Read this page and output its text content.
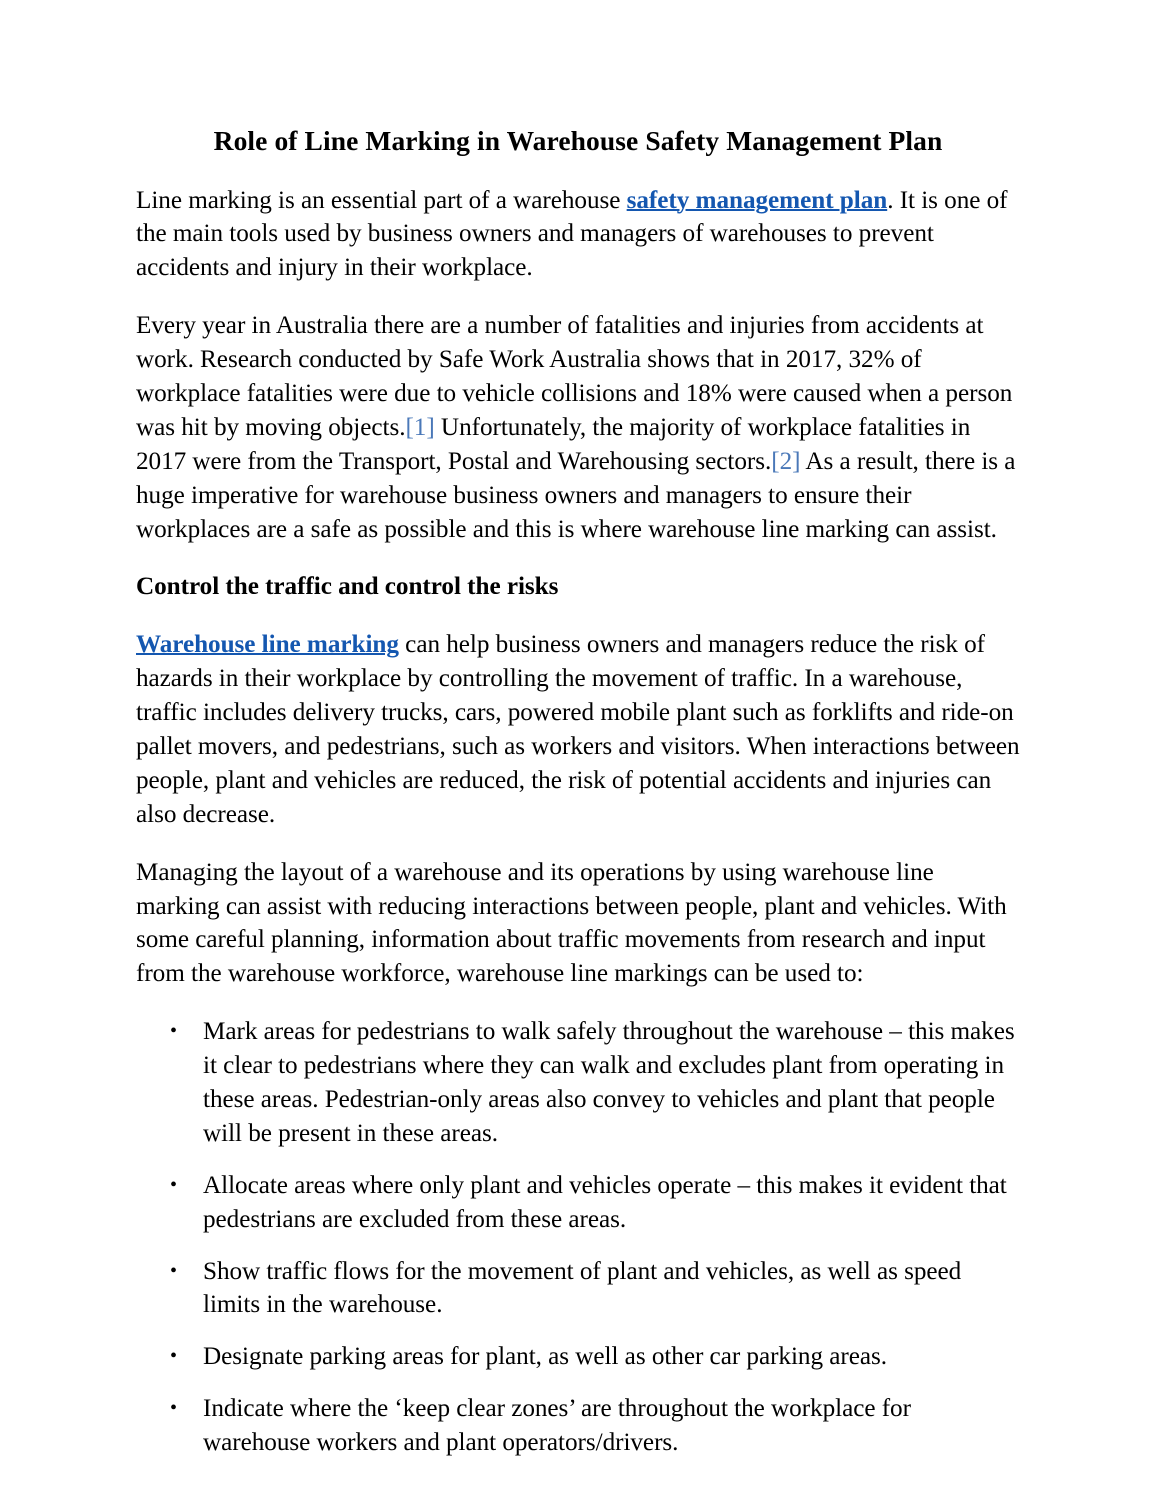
Role of Line Marking in Warehouse Safety Management Plan

Line marking is an essential part of a warehouse safety management plan. It is one of the main tools used by business owners and managers of warehouses to prevent accidents and injury in their workplace.

Every year in Australia there are a number of fatalities and injuries from accidents at work. Research conducted by Safe Work Australia shows that in 2017, 32% of workplace fatalities were due to vehicle collisions and 18% were caused when a person was hit by moving objects.[1] Unfortunately, the majority of workplace fatalities in 2017 were from the Transport, Postal and Warehousing sectors.[2] As a result, there is a huge imperative for warehouse business owners and managers to ensure their workplaces are a safe as possible and this is where warehouse line marking can assist.

Control the traffic and control the risks

Warehouse line marking can help business owners and managers reduce the risk of hazards in their workplace by controlling the movement of traffic. In a warehouse, traffic includes delivery trucks, cars, powered mobile plant such as forklifts and ride-on pallet movers, and pedestrians, such as workers and visitors. When interactions between people, plant and vehicles are reduced, the risk of potential accidents and injuries can also decrease.

Managing the layout of a warehouse and its operations by using warehouse line marking can assist with reducing interactions between people, plant and vehicles. With some careful planning, information about traffic movements from research and input from the warehouse workforce, warehouse line markings can be used to:

• Mark areas for pedestrians to walk safely throughout the warehouse – this makes it clear to pedestrians where they can walk and excludes plant from operating in these areas. Pedestrian-only areas also convey to vehicles and plant that people will be present in these areas.
• Allocate areas where only plant and vehicles operate – this makes it evident that pedestrians are excluded from these areas.
• Show traffic flows for the movement of plant and vehicles, as well as speed limits in the warehouse.
• Designate parking areas for plant, as well as other car parking areas.
• Indicate where the ‘keep clear zones’ are throughout the workplace for warehouse workers and plant operators/drivers.
